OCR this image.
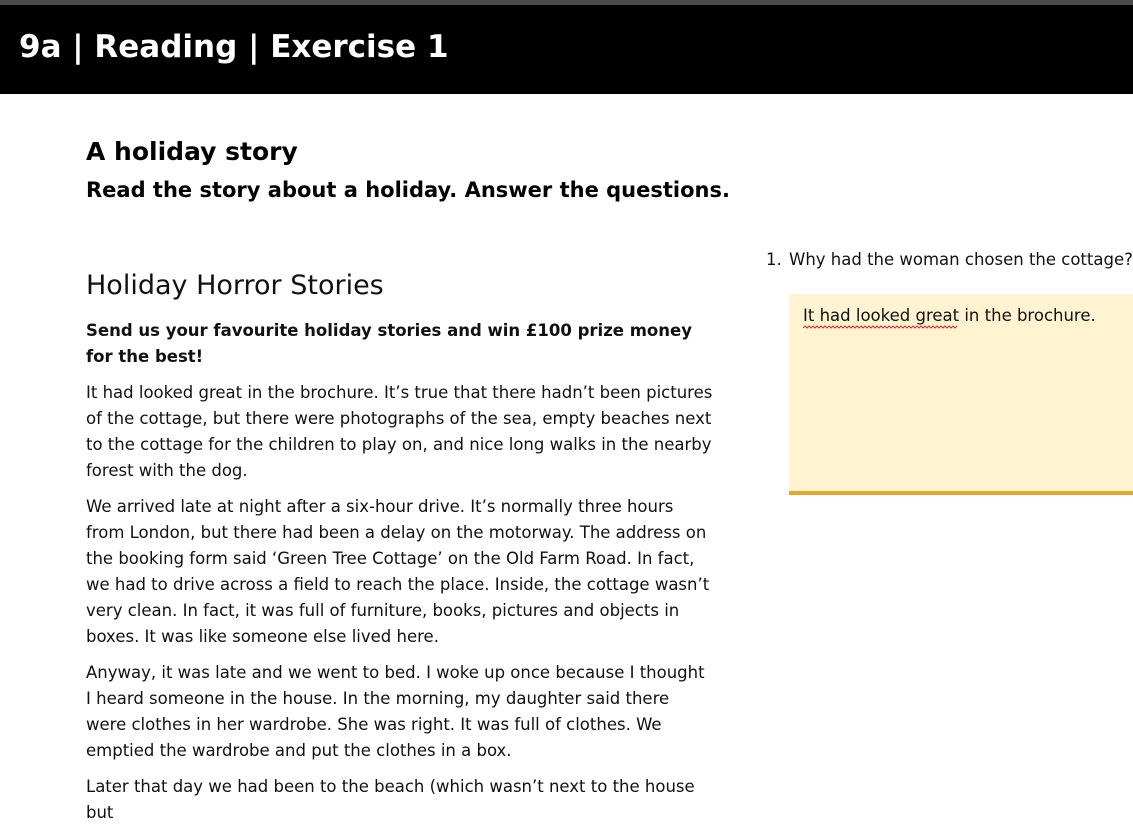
9a | Reading | Exercise 1
A holiday story
Read the story about a holiday. Answer the questions.
Holiday Horror Stories

Send us your favourite holiday stories and win £100 prize money for the best!

It had looked great in the brochure. It’s true that there hadn’t been pictures of the cottage, but there were photographs of the sea, empty beaches next to the cottage for the children to play on, and nice long walks in the nearby forest with the dog.

We arrived late at night after a six-hour drive. It’s normally three hours from London, but there had been a delay on the motorway. The address on the booking form said ‘Green Tree Cottage’ on the Old Farm Road. In fact, we had to drive across a field to reach the place. Inside, the cottage wasn’t very clean. In fact, it was full of furniture, books, pictures and objects in boxes. It was like someone else lived here.

Anyway, it was late and we went to bed. I woke up once because I thought I heard someone in the house. In the morning, my daughter said there were clothes in her wardrobe. She was right. It was full of clothes. We emptied the wardrobe and put the clothes in a box.

Later that day we had been to the beach (which wasn’t next to the house but

1. Why had the woman chosen the cottage?

It had looked great in the brochure.
